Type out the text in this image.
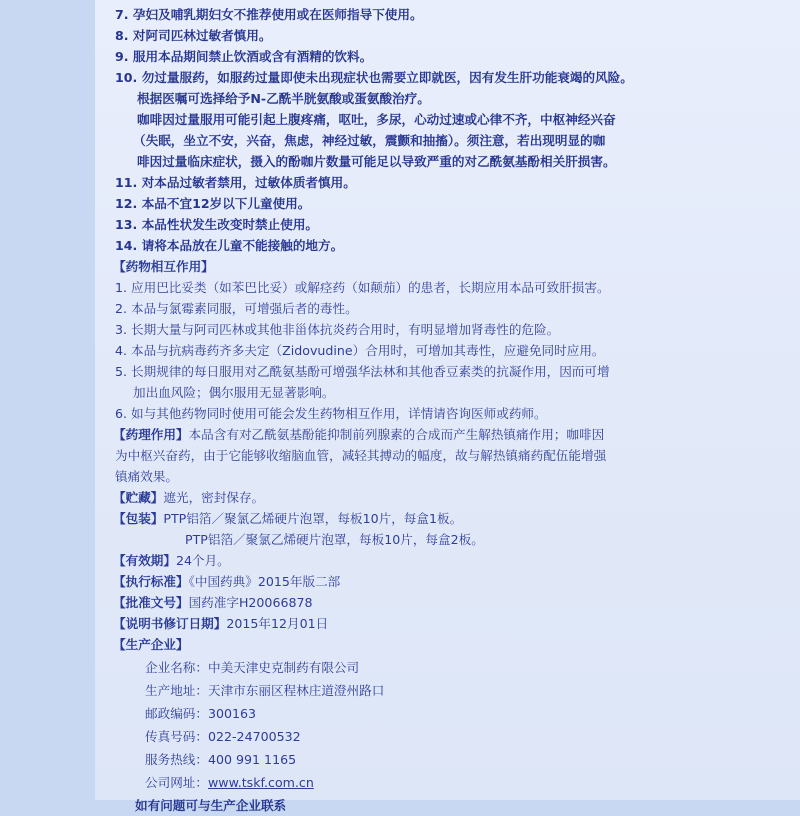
​
7. 孕妇及哺乳期妇女不推荐使用或在医师指导下使用。
8. 对阿司匹林过敏者慎用。
9. 服用本品期间禁止饮酒或含有酒精的饮料。
10. 勿过量服药，如服药过量即使未出现症状也需要立即就医，因有发生肝功能衰竭的风险。
根据医嘱可选择给予N-乙酰半胱氨酸或蛋氨酸治疗。
咖啡因过量服用可能引起上腹疼痛，呕吐，多尿，心动过速或心律不齐，中枢神经兴奋
（失眠，坐立不安，兴奋，焦虑，神经过敏，震颤和抽搐）。须注意，若出现明显的咖
啡因过量临床症状，摄入的酚咖片数量可能足以导致严重的对乙酰氨基酚相关肝损害。
11. 对本品过敏者禁用，过敏体质者慎用。
12. 本品不宜12岁以下儿童使用。
13. 本品性状发生改变时禁止使用。
14. 请将本品放在儿童不能接触的地方。
【药物相互作用】
1. 应用巴比妥类（如苯巴比妥）或解痉药（如颠茄）的患者，长期应用本品可致肝损害。
2. 本品与氯霉素同服，可增强后者的毒性。
3. 长期大量与阿司匹林或其他非甾体抗炎药合用时，有明显增加肾毒性的危险。
4. 本品与抗病毒药齐多夫定（Zidovudine）合用时，可增加其毒性，应避免同时应用。
5. 长期规律的每日服用对乙酰氨基酚可增强华法林和其他香豆素类的抗凝作用，因而可增
加出血风险；偶尔服用无显著影响。
6. 如与其他药物同时使用可能会发生药物相互作用，详情请咨询医师或药师。
【药理作用】本品含有对乙酰氨基酚能抑制前列腺素的合成而产生解热镇痛作用；咖啡因
为中枢兴奋药，由于它能够收缩脑血管，减轻其搏动的幅度，故与解热镇痛药配伍能增强
镇痛效果。
【贮藏】遮光，密封保存。
【包装】PTP铝箔／聚氯乙烯硬片泡罩，每板10片，每盒1板。
PTP铝箔／聚氯乙烯硬片泡罩，每板10片，每盒2板。
【有效期】24个月。
【执行标准】《中国药典》2015年版二部
【批准文号】国药准字H20066878
【说明书修订日期】2015年12月01日
【生产企业】
企业名称：中美天津史克制药有限公司
生产地址：天津市东丽区程林庄道澄州路口
邮政编码：300163
传真号码：022-24700532
服务热线：400 991 1165
公司网址：www.tskf.com.cn
如有问题可与生产企业联系
